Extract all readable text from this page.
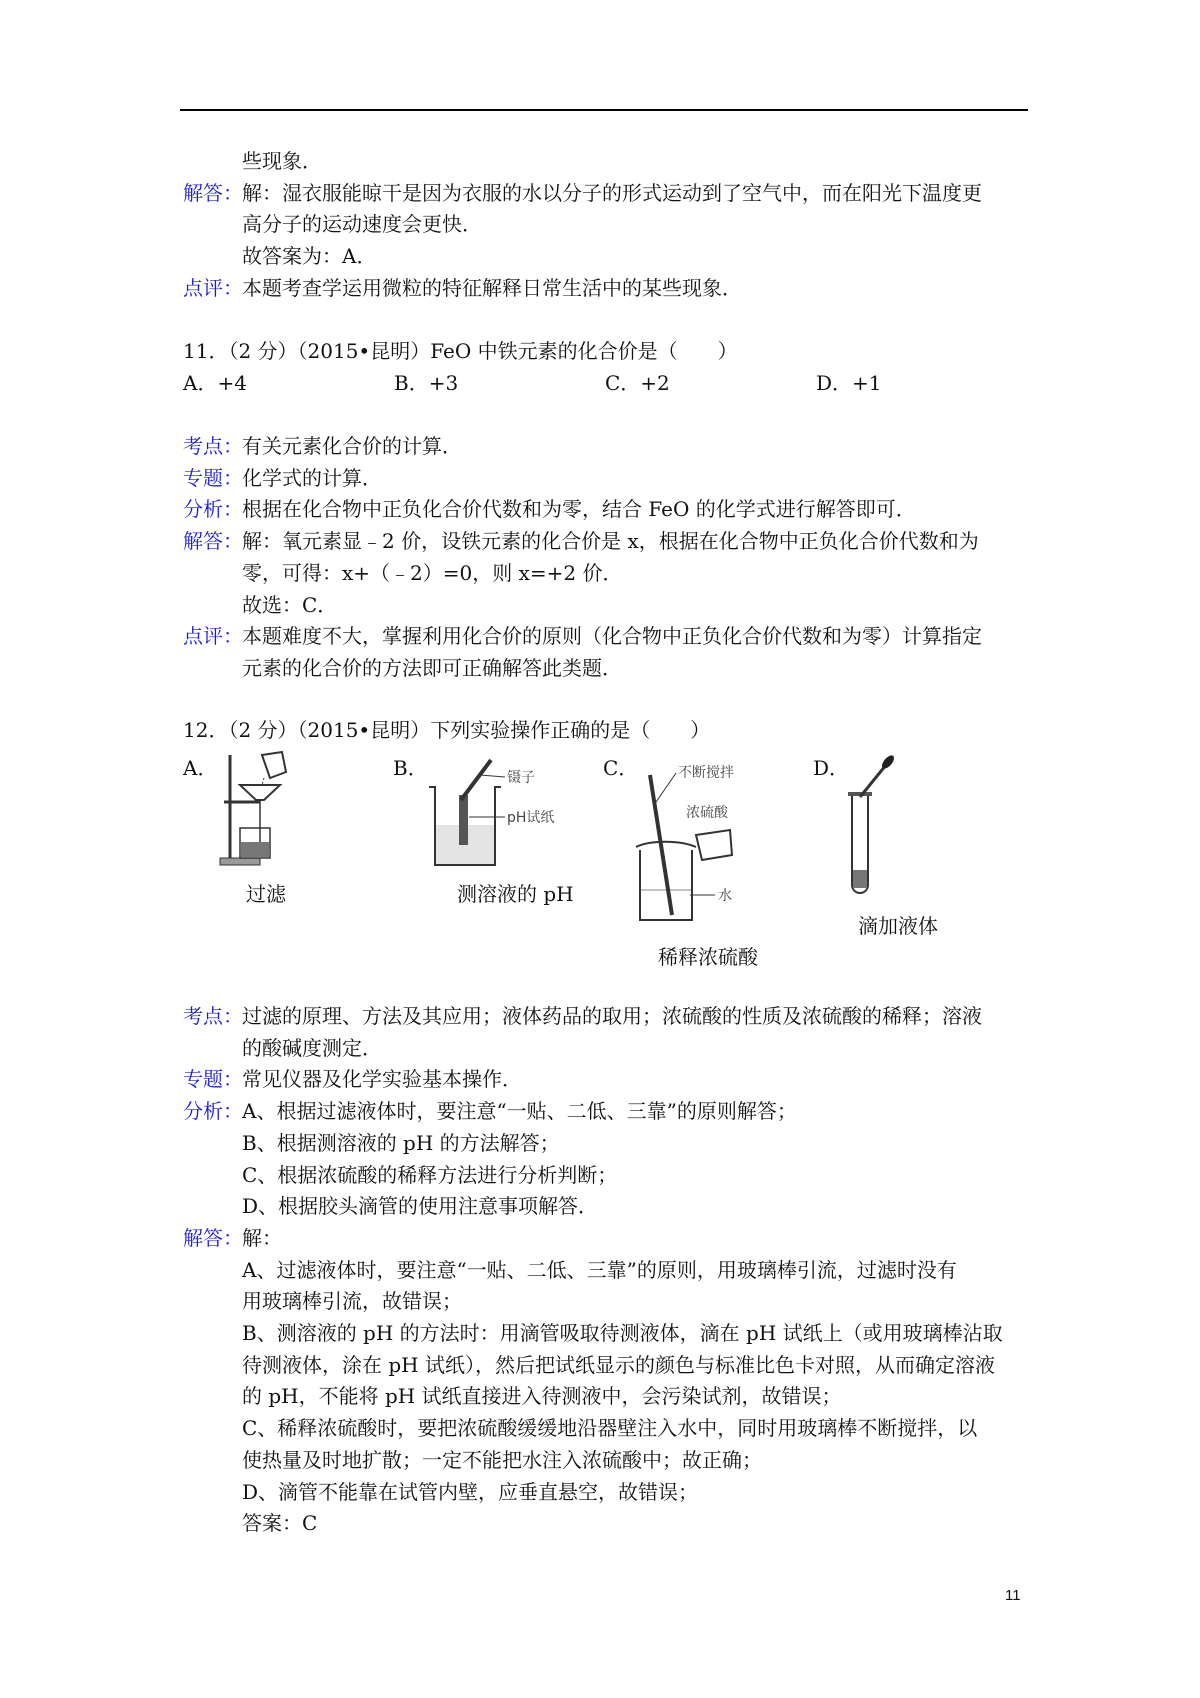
些现象．
解答： 解：湿衣服能晾干是因为衣服的水以分子的形式运动到了空气中，而在阳光下温度更
高分子的运动速度会更快．
故答案为：A．
点评： 本题考查学运用微粒的特征解释日常生活中的某些现象．
11．（2 分）（2015•昆明）FeO 中铁元素的化合价是（　　）
A．+4	B．+3	C．+2	D．+1
考点： 有关元素化合价的计算．
专题： 化学式的计算．
分析： 根据在化合物中正负化合价代数和为零，结合 FeO 的化学式进行解答即可．
解答： 解：氧元素显﹣2 价，设铁元素的化合价是 x，根据在化合物中正负化合价代数和为
零，可得：x+（﹣2）=0，则 x=+2 价．
故选：C．
点评： 本题难度不大，掌握利用化合价的原则（化合物中正负化合价代数和为零）计算指定
元素的化合价的方法即可正确解答此类题．
12．（2 分）（2015•昆明）下列实验操作正确的是（　　）
A．
过滤
B．	镊子
pH试纸
测溶液的 pH
C．	不断搅拌
浓硫酸
水
稀释浓硫酸
D．
滴加液体
考点： 过滤的原理、方法及其应用；液体药品的取用；浓硫酸的性质及浓硫酸的稀释；溶液
的酸碱度测定．
专题： 常见仪器及化学实验基本操作．
分析： A、根据过滤液体时，要注意“一贴、二低、三靠”的原则解答；
B、根据测溶液的 pH 的方法解答；
C、根据浓硫酸的稀释方法进行分析判断；
D、根据胶头滴管的使用注意事项解答．
解答： 解：
A、过滤液体时，要注意“一贴、二低、三靠”的原则，用玻璃棒引流，过滤时没有
用玻璃棒引流，故错误；
B、测溶液的 pH 的方法时：用滴管吸取待测液体，滴在 pH 试纸上（或用玻璃棒沾取
待测液体，涂在 pH 试纸），然后把试纸显示的颜色与标准比色卡对照，从而确定溶液
的 pH，不能将 pH 试纸直接进入待测液中，会污染试剂，故错误；
C、稀释浓硫酸时，要把浓硫酸缓缓地沿器壁注入水中，同时用玻璃棒不断搅拌，以
使热量及时地扩散；一定不能把水注入浓硫酸中；故正确；
D、滴管不能靠在试管内壁，应垂直悬空，故错误；
答案：C
11
